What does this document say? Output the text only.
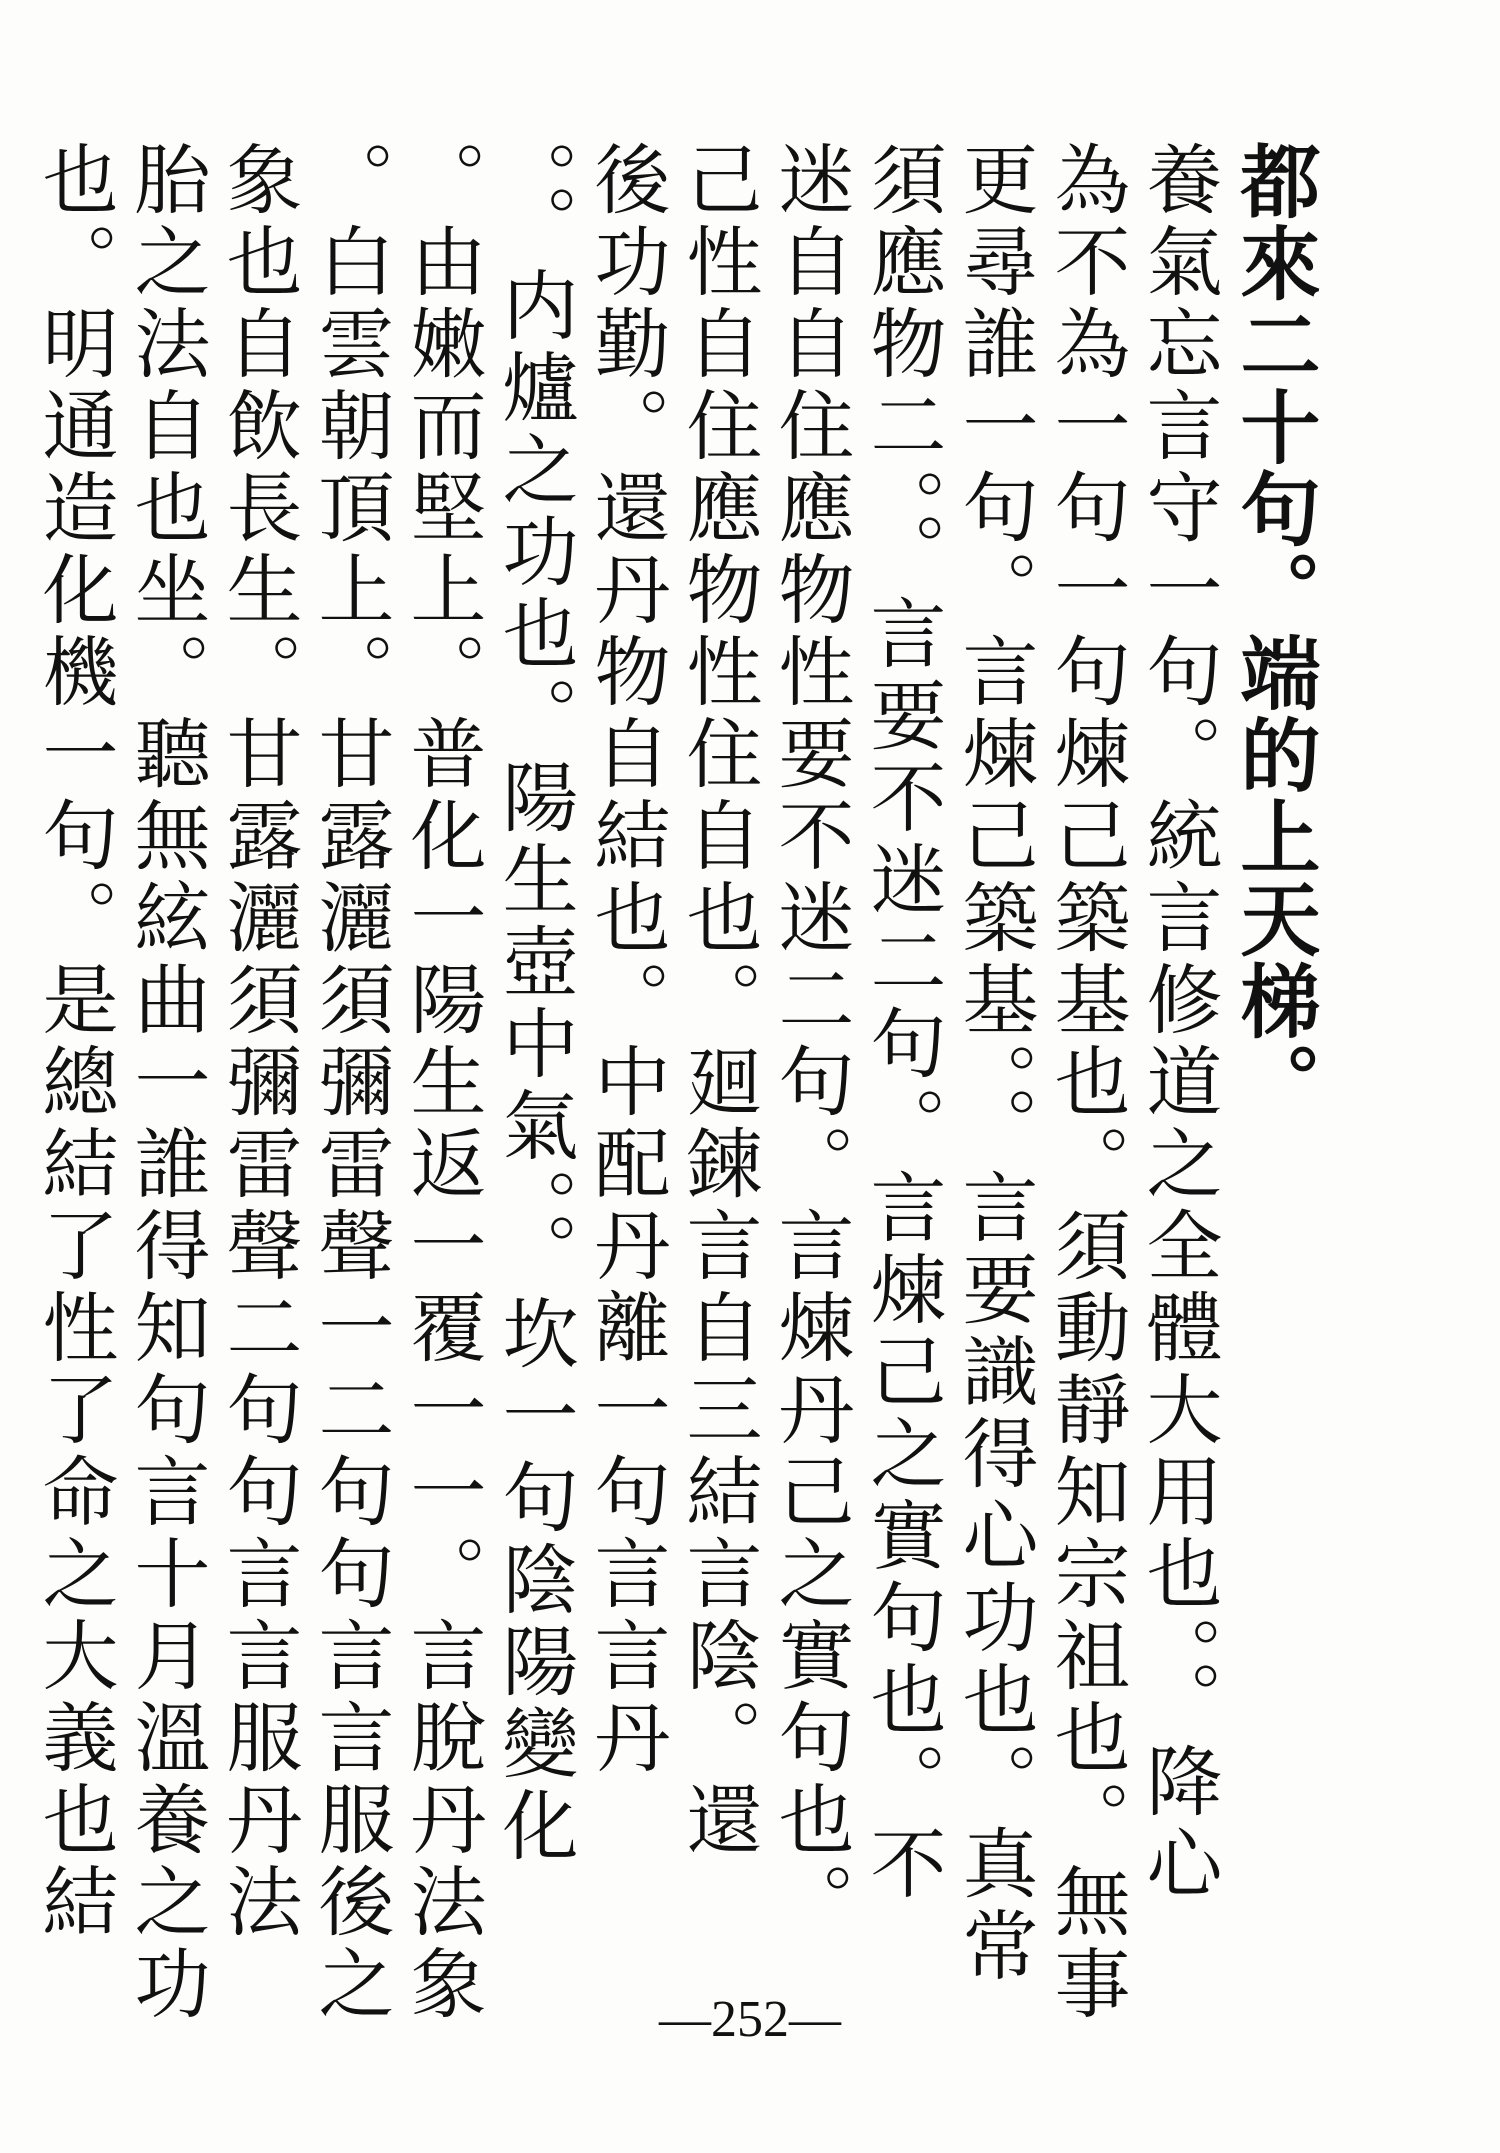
都來二十句。端的上天梯。
養氣忘言守一句。統言修道之全體大用也。。降心
為不為一句一句煉己築基也。須動靜知宗祖也。無事
更尋誰一句。言煉己築基。。言要識得心功也。真常
須應物二。。言要不迷二句。言煉己之實句也。不
迷自自住應物性要不迷二句。言煉丹己之實句也。
己性自住應物性住自也。廻鍊言自三結言陰。還
後功勤。還丹物自結也。中配丹離一句言言丹
。。内爐之功也。陽生壺中氣。。坎一句陰陽變化
。由嫩而堅上。普化一陽生返一覆一一。言脫丹法象
。白雲朝頂上。甘露灑須彌雷聲一二句句言言服後之
象也自飲長生。甘露灑須彌雷聲二句句言言服丹法
胎之法自也坐。聽無絃曲一誰得知句言十月溫養之功
也。明通造化機一句。是總結了性了命之大義也結
—252—
